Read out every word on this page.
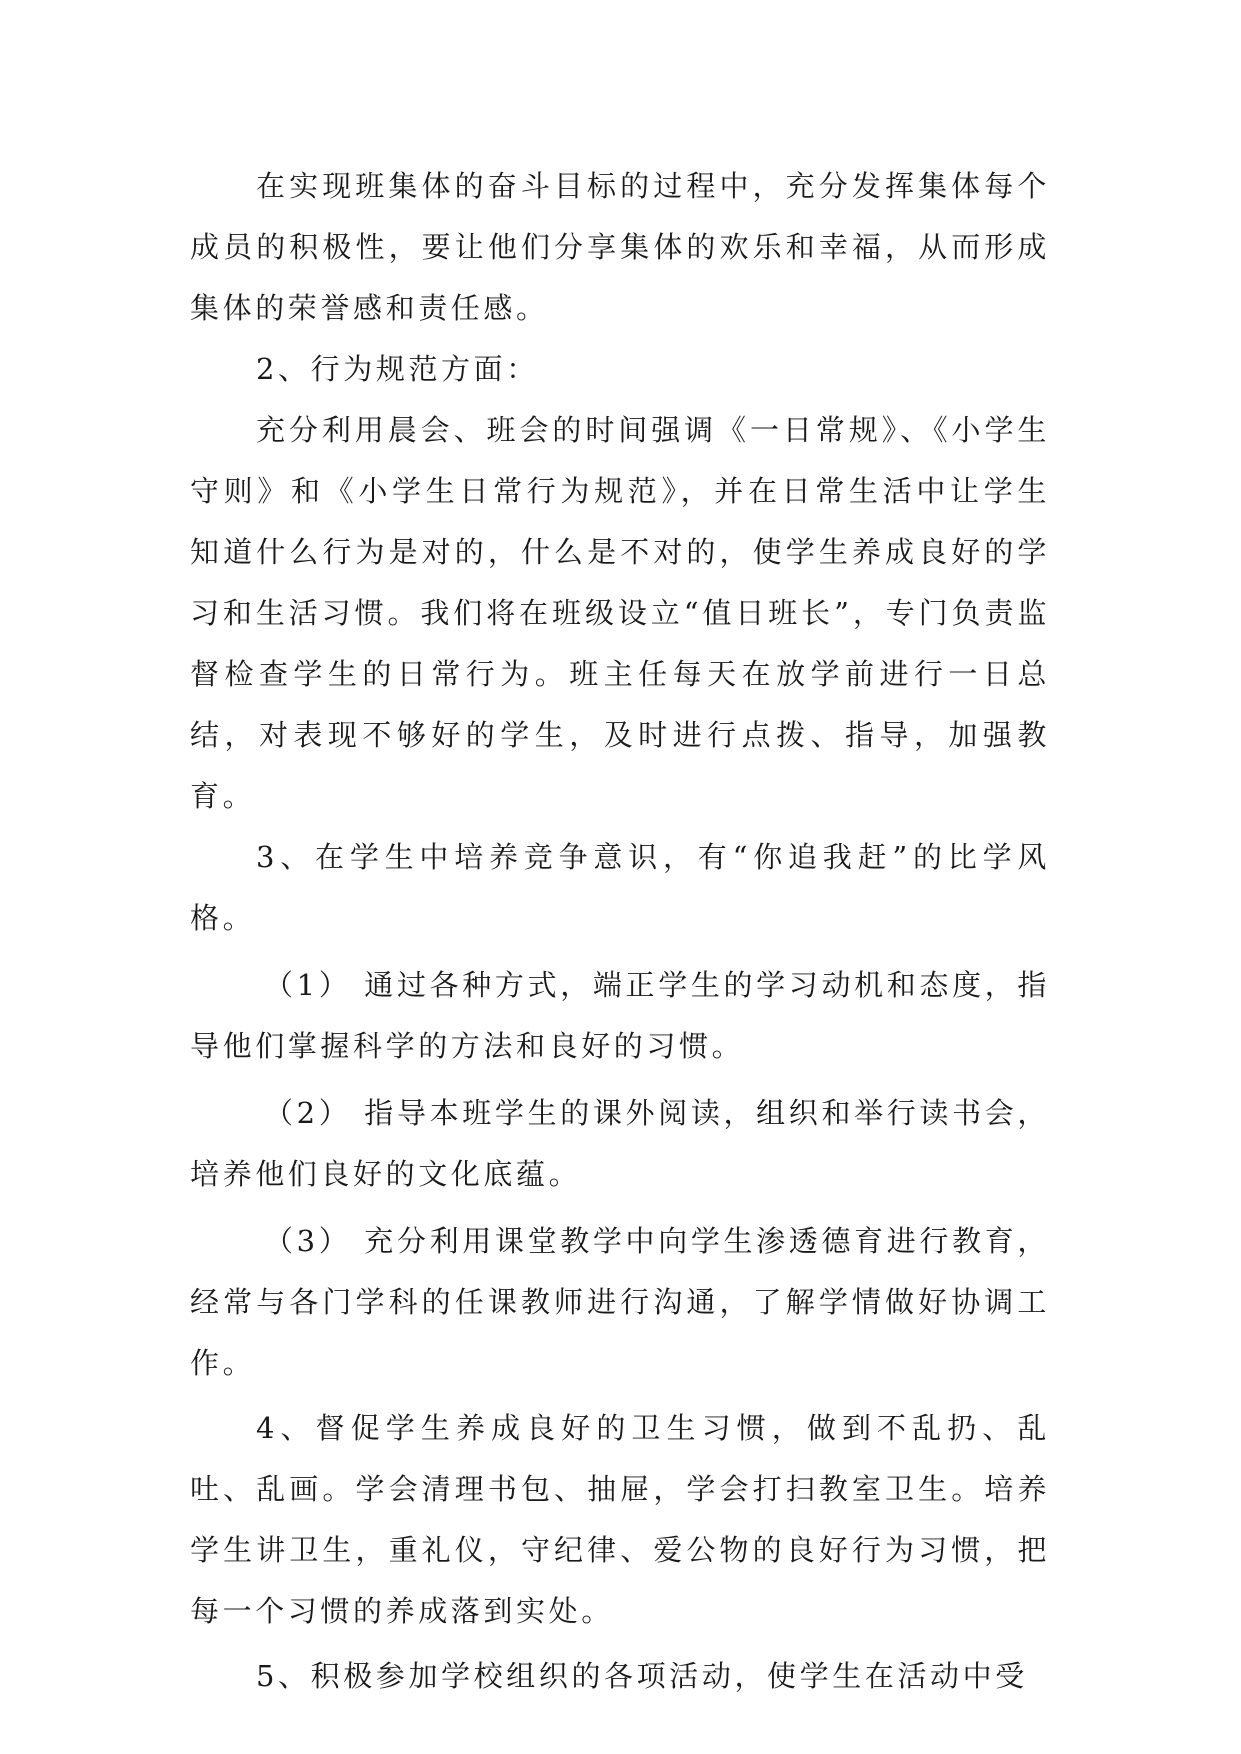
在实现班集体的奋斗目标的过程中，充分发挥集体每个成员的积极性，要让他们分享集体的欢乐和幸福，从而形成集体的荣誉感和责任感。

2、行为规范方面：

充分利用晨会、班会的时间强调《一日常规》、《小学生守则》和《小学生日常行为规范》，并在日常生活中让学生知道什么行为是对的，什么是不对的，使学生养成良好的学习和生活习惯。我们将在班级设立“值日班长”，专门负责监督检查学生的日常行为。班主任每天在放学前进行一日总结，对表现不够好的学生，及时进行点拨、指导，加强教育。

3、在学生中培养竞争意识，有“你追我赶”的比学风格。

（1） 通过各种方式，端正学生的学习动机和态度，指导他们掌握科学的方法和良好的习惯。

（2） 指导本班学生的课外阅读，组织和举行读书会，培养他们良好的文化底蕴。

（3） 充分利用课堂教学中向学生渗透德育进行教育，经常与各门学科的任课教师进行沟通，了解学情做好协调工作。

4、督促学生养成良好的卫生习惯，做到不乱扔、乱吐、乱画。学会清理书包、抽屉，学会打扫教室卫生。培养学生讲卫生，重礼仪，守纪律、爱公物的良好行为习惯，把每一个习惯的养成落到实处。

5、积极参加学校组织的各项活动，使学生在活动中受
